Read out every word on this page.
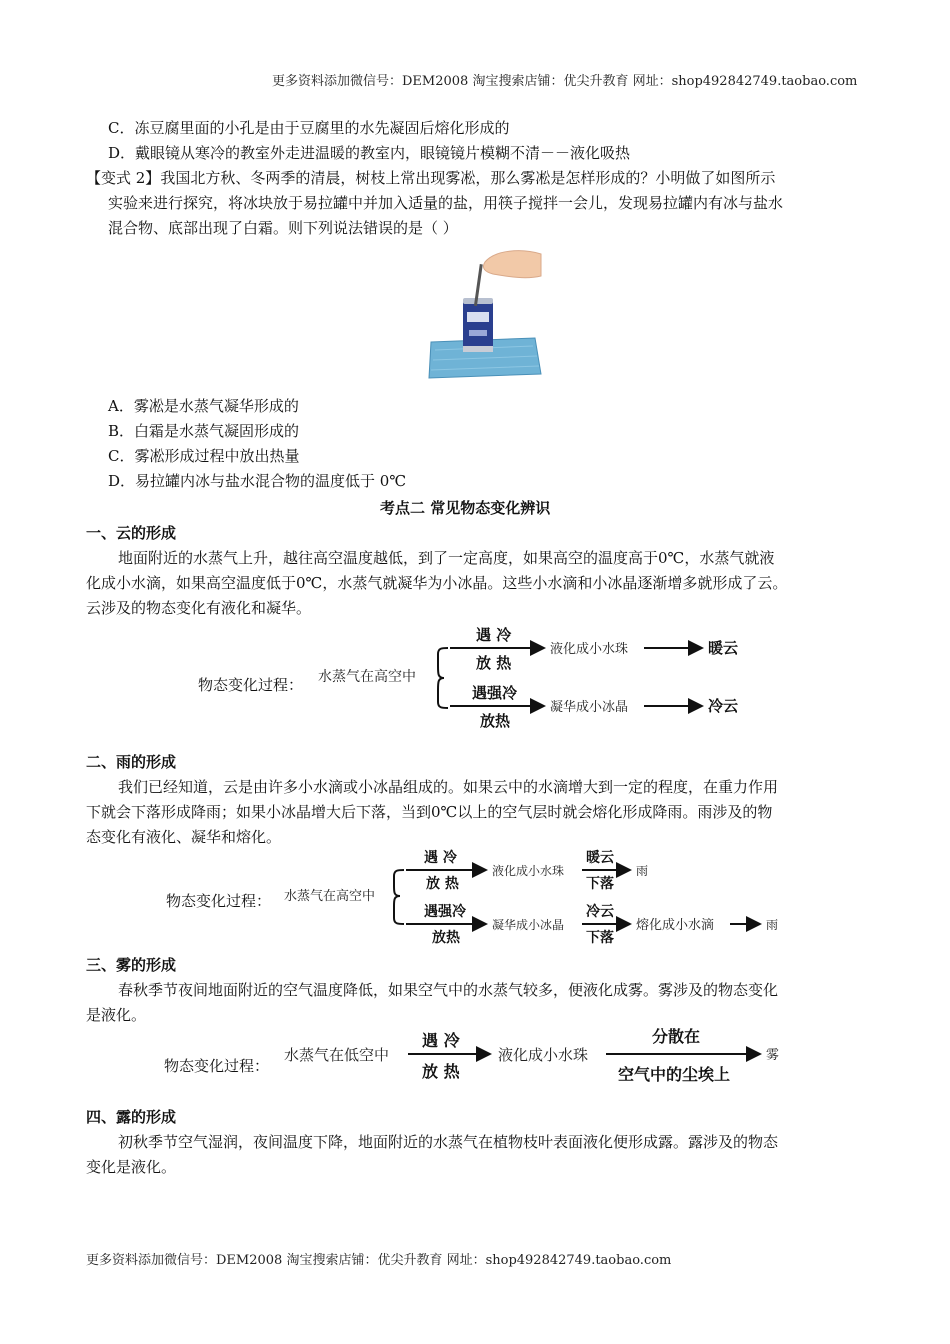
更多资料添加微信号：DEM2008 淘宝搜索店铺：优尖升教育 网址：shop492842749.taobao.com
C．冻豆腐里面的小孔是由于豆腐里的水先凝固后熔化形成的
D．戴眼镜从寒冷的教室外走进温暖的教室内，眼镜镜片模糊不清－－液化吸热
【变式 2】我国北方秋、冬两季的清晨，树枝上常出现雾凇，那么雾凇是怎样形成的？小明做了如图所示
实验来进行探究，将冰块放于易拉罐中并加入适量的盐，用筷子搅拌一会儿，发现易拉罐内有冰与盐水
混合物、底部出现了白霜。则下列说法错误的是（ ）
A．雾凇是水蒸气凝华形成的
B．白霜是水蒸气凝固形成的
C．雾凇形成过程中放出热量
D．易拉罐内冰与盐水混合物的温度低于 0℃
考点二 常见物态变化辨识
一、云的形成
地面附近的水蒸气上升，越往高空温度越低，到了一定高度，如果高空的温度高于0℃，水蒸气就液
化成小水滴，如果高空温度低于0℃，水蒸气就凝华为小冰晶。这些小水滴和小冰晶逐渐增多就形成了云。
云涉及的物态变化有液化和凝华。
物态变化过程： 水蒸气在高空中
遇 冷
放 热
液化成小水珠	暖云
遇强冷
放热
凝华成小冰晶	冷云
二、雨的形成
我们已经知道，云是由许多小水滴或小冰晶组成的。如果云中的水滴增大到一定的程度，在重力作用
下就会下落形成降雨；如果小冰晶增大后下落，当到0℃以上的空气层时就会熔化形成降雨。雨涉及的物
态变化有液化、凝华和熔化。
物态变化过程： 水蒸气在高空中
遇 冷
放 热
液化成小水珠
暖云
下落
雨
遇强冷
放热
凝华成小冰晶
冷云
下落
熔化成小水滴	雨
三、雾的形成
春秋季节夜间地面附近的空气温度降低，如果空气中的水蒸气较多，便液化成雾。雾涉及的物态变化
是液化。
物态变化过程：
水蒸气在低空中
遇 冷
放 热
液化成小水珠
分散在
空气中的尘埃上
雾
四、露的形成
初秋季节空气湿润，夜间温度下降，地面附近的水蒸气在植物枝叶表面液化便形成露。露涉及的物态
变化是液化。
更多资料添加微信号：DEM2008 淘宝搜索店铺：优尖升教育 网址：shop492842749.taobao.com
